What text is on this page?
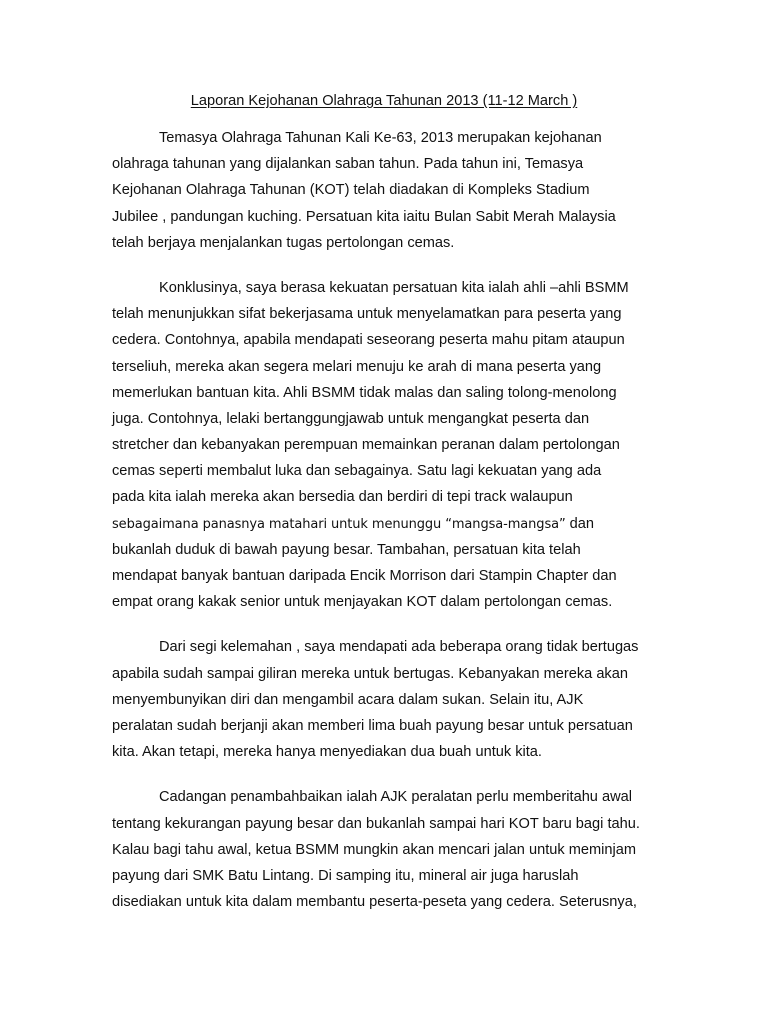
Laporan Kejohanan Olahraga Tahunan 2013 (11-12 March )
Temasya Olahraga Tahunan Kali Ke-63, 2013 merupakan kejohanan
olahraga tahunan yang dijalankan saban tahun. Pada tahun ini, Temasya
Kejohanan Olahraga Tahunan (KOT) telah diadakan di Kompleks Stadium
Jubilee , pandungan kuching. Persatuan kita iaitu Bulan Sabit Merah Malaysia
telah berjaya menjalankan tugas pertolongan cemas.
Konklusinya, saya berasa kekuatan persatuan kita ialah ahli –ahli BSMM
telah menunjukkan sifat bekerjasama untuk menyelamatkan para peserta yang
cedera. Contohnya, apabila mendapati seseorang peserta mahu pitam ataupun
terseliuh, mereka akan segera melari menuju ke arah di mana peserta yang
memerlukan bantuan kita. Ahli BSMM tidak malas dan saling tolong-menolong
juga. Contohnya, lelaki bertanggungjawab untuk mengangkat peserta dan
stretcher dan kebanyakan perempuan memainkan peranan dalam pertolongan
cemas seperti membalut luka dan sebagainya. Satu lagi kekuatan yang ada
pada kita ialah mereka akan bersedia dan berdiri di tepi track walaupun
sebagaimana panasnya matahari untuk menunggu “mangsa-mangsa” dan
bukanlah duduk di bawah payung besar. Tambahan, persatuan kita telah
mendapat banyak bantuan daripada Encik Morrison dari Stampin Chapter dan
empat orang kakak senior untuk menjayakan KOT dalam pertolongan cemas.
Dari segi kelemahan , saya mendapati ada beberapa orang tidak bertugas
apabila sudah sampai giliran mereka untuk bertugas. Kebanyakan mereka akan
menyembunyikan diri dan mengambil acara dalam sukan. Selain itu, AJK
peralatan sudah berjanji akan memberi lima buah payung besar untuk persatuan
kita. Akan tetapi, mereka hanya menyediakan dua buah untuk kita.
Cadangan penambahbaikan ialah AJK peralatan perlu memberitahu awal
tentang kekurangan payung besar dan bukanlah sampai hari KOT baru bagi tahu.
Kalau bagi tahu awal, ketua BSMM mungkin akan mencari jalan untuk meminjam
payung dari SMK Batu Lintang. Di samping itu, mineral air juga haruslah
disediakan untuk kita dalam membantu peserta-peseta yang cedera. Seterusnya,
